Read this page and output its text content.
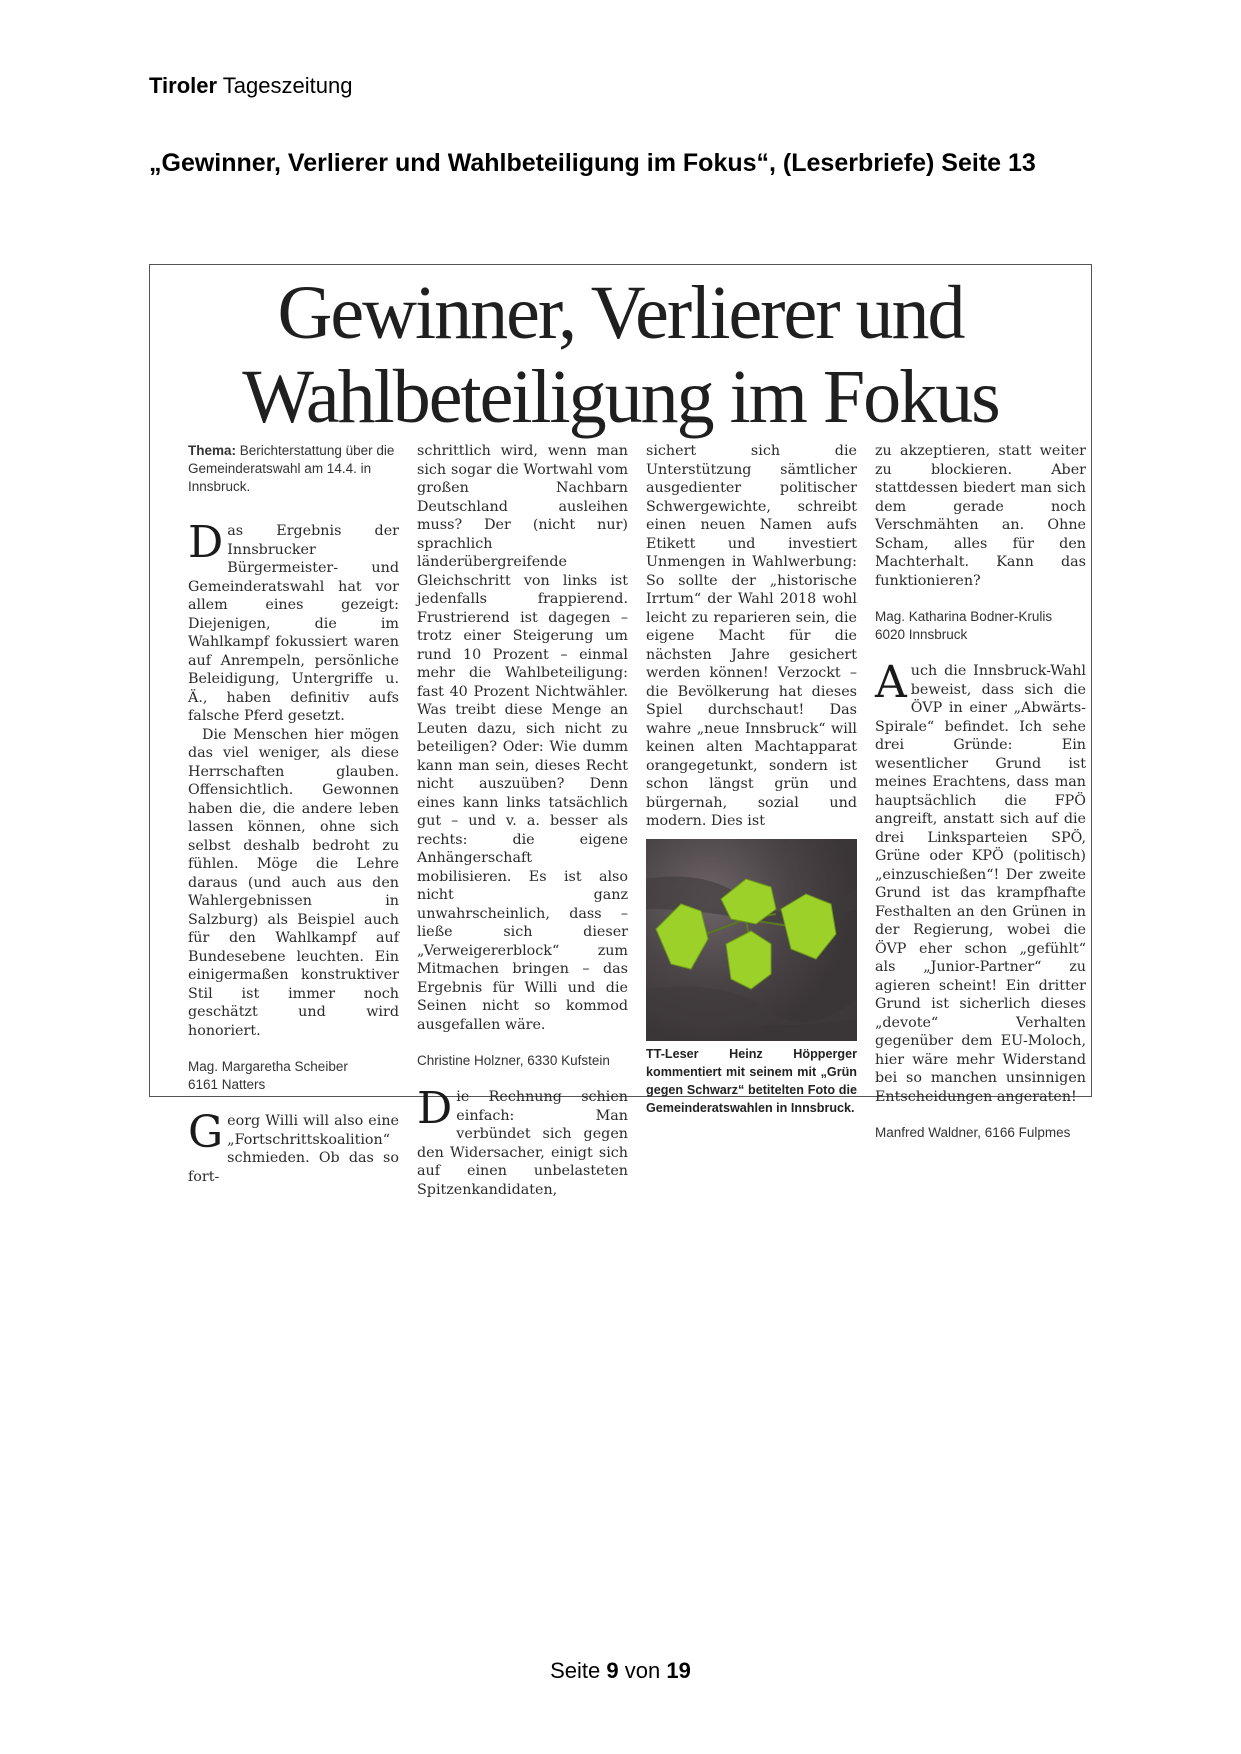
Tiroler Tageszeitung
„Gewinner, Verlierer und Wahlbeteiligung im Fokus“, (Leserbriefe) Seite 13
Gewinner, Verlierer und
Wahlbeteiligung im Fokus
Thema: Berichterstattung über die Gemeinderatswahl am 14.4. in Innsbruck.

Das Ergebnis der Innsbrucker Bürgermeister- und Gemeinderatswahl hat vor allem eines gezeigt: Diejenigen, die im Wahlkampf fokussiert waren auf Anrempeln, persönliche Beleidigung, Untergriffe u. Ä., haben definitiv aufs falsche Pferd gesetzt.

Die Menschen hier mögen das viel weniger, als diese Herrschaften glauben. Offensichtlich. Gewonnen haben die, die andere leben lassen können, ohne sich selbst deshalb bedroht zu fühlen. Möge die Lehre daraus (und auch aus den Wahlergebnissen in Salzburg) als Beispiel auch für den Wahlkampf auf Bundesebene leuchten. Ein einigermaßen konstruktiver Stil ist immer noch geschätzt und wird honoriert.

Mag. Margaretha Scheiber
6161 Natters

Georg Willi will also eine „Fortschrittskoalition“ schmieden. Ob das so fort-

schrittlich wird, wenn man sich sogar die Wortwahl vom großen Nachbarn Deutschland ausleihen muss? Der (nicht nur) sprachlich länderübergreifende Gleichschritt von links ist jedenfalls frappierend. Frustrierend ist dagegen – trotz einer Steigerung um rund 10 Prozent – einmal mehr die Wahlbeteiligung: fast 40 Prozent Nichtwähler. Was treibt diese Menge an Leuten dazu, sich nicht zu beteiligen? Oder: Wie dumm kann man sein, dieses Recht nicht auszuüben? Denn eines kann links tatsächlich gut – und v. a. besser als rechts: die eigene Anhängerschaft mobilisieren. Es ist also nicht ganz unwahrscheinlich, dass – ließe sich dieser „Verweigererblock“ zum Mitmachen bringen – das Ergebnis für Willi und die Seinen nicht so kommod ausgefallen wäre.

Christine Holzner, 6330 Kufstein

Die Rechnung schien einfach: Man verbündet sich gegen den Widersacher, einigt sich auf einen unbelasteten Spitzenkandidaten,

sichert sich die Unterstützung sämtlicher ausgedienter politischer Schwergewichte, schreibt einen neuen Namen aufs Etikett und investiert Unmengen in Wahlwerbung: So sollte der „historische Irrtum“ der Wahl 2018 wohl leicht zu reparieren sein, die eigene Macht für die nächsten Jahre gesichert werden können! Verzockt – die Bevölkerung hat dieses Spiel durchschaut! Das wahre „neue Innsbruck“ will keinen alten Machtapparat orangegetunkt, sondern ist schon längst grün und bürgernah, sozial und modern. Dies ist

TT-Leser Heinz Höpperger kommentiert mit seinem mit „Grün gegen Schwarz“ betitelten Foto die Gemeinderatswahlen in Innsbruck.

zu akzeptieren, statt weiter zu blockieren. Aber stattdessen biedert man sich dem gerade noch Verschmähten an. Ohne Scham, alles für den Machterhalt. Kann das funktionieren?

Mag. Katharina Bodner-Krulis
6020 Innsbruck

Auch die Innsbruck-Wahl beweist, dass sich die ÖVP in einer „Abwärts-Spirale“ befindet. Ich sehe drei Gründe: Ein wesentlicher Grund ist meines Erachtens, dass man hauptsächlich die FPÖ angreift, anstatt sich auf die drei Linksparteien SPÖ, Grüne oder KPÖ (politisch) „einzuschießen“! Der zweite Grund ist das krampfhafte Festhalten an den Grünen in der Regierung, wobei die ÖVP eher schon „gefühlt“ als „Junior-Partner“ zu agieren scheint! Ein dritter Grund ist sicherlich dieses „devote“ Verhalten gegenüber dem EU-Moloch, hier wäre mehr Widerstand bei so manchen unsinnigen Entscheidungen angeraten!

Manfred Waldner, 6166 Fulpmes
Seite 9 von 19
